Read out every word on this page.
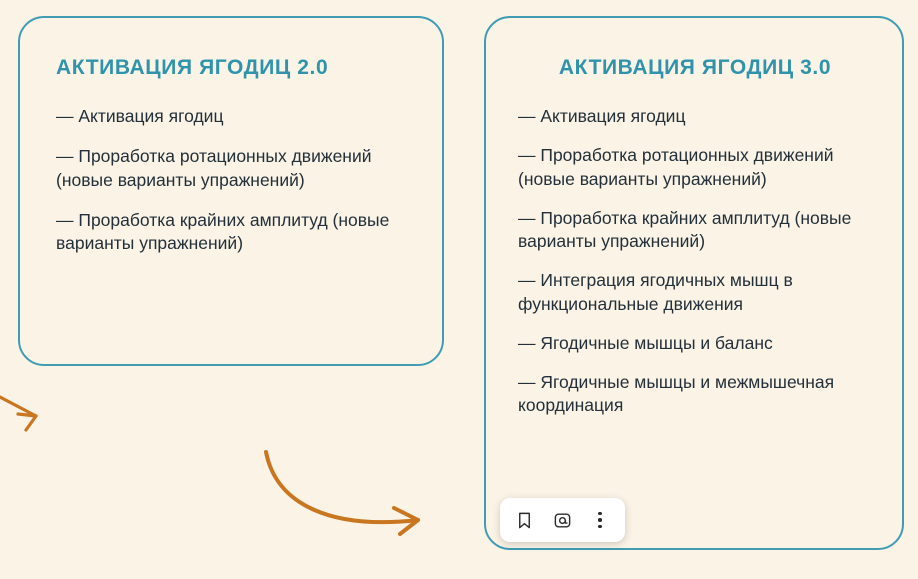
АКТИВАЦИЯ ЯГОДИЦ 2.0
— Активация ягодиц
— Проработка ротационных движений (новые варианты упражнений)
— Проработка крайних амплитуд (новые варианты упражнений)
АКТИВАЦИЯ ЯГОДИЦ 3.0
— Активация ягодиц
— Проработка ротационных движений (новые варианты упражнений)
— Проработка крайних амплитуд (новые варианты упражнений)
— Интеграция ягодичных мышц в функциональные движения
— Ягодичные мышцы и баланс
— Ягодичные мышцы и межмышечная координация
